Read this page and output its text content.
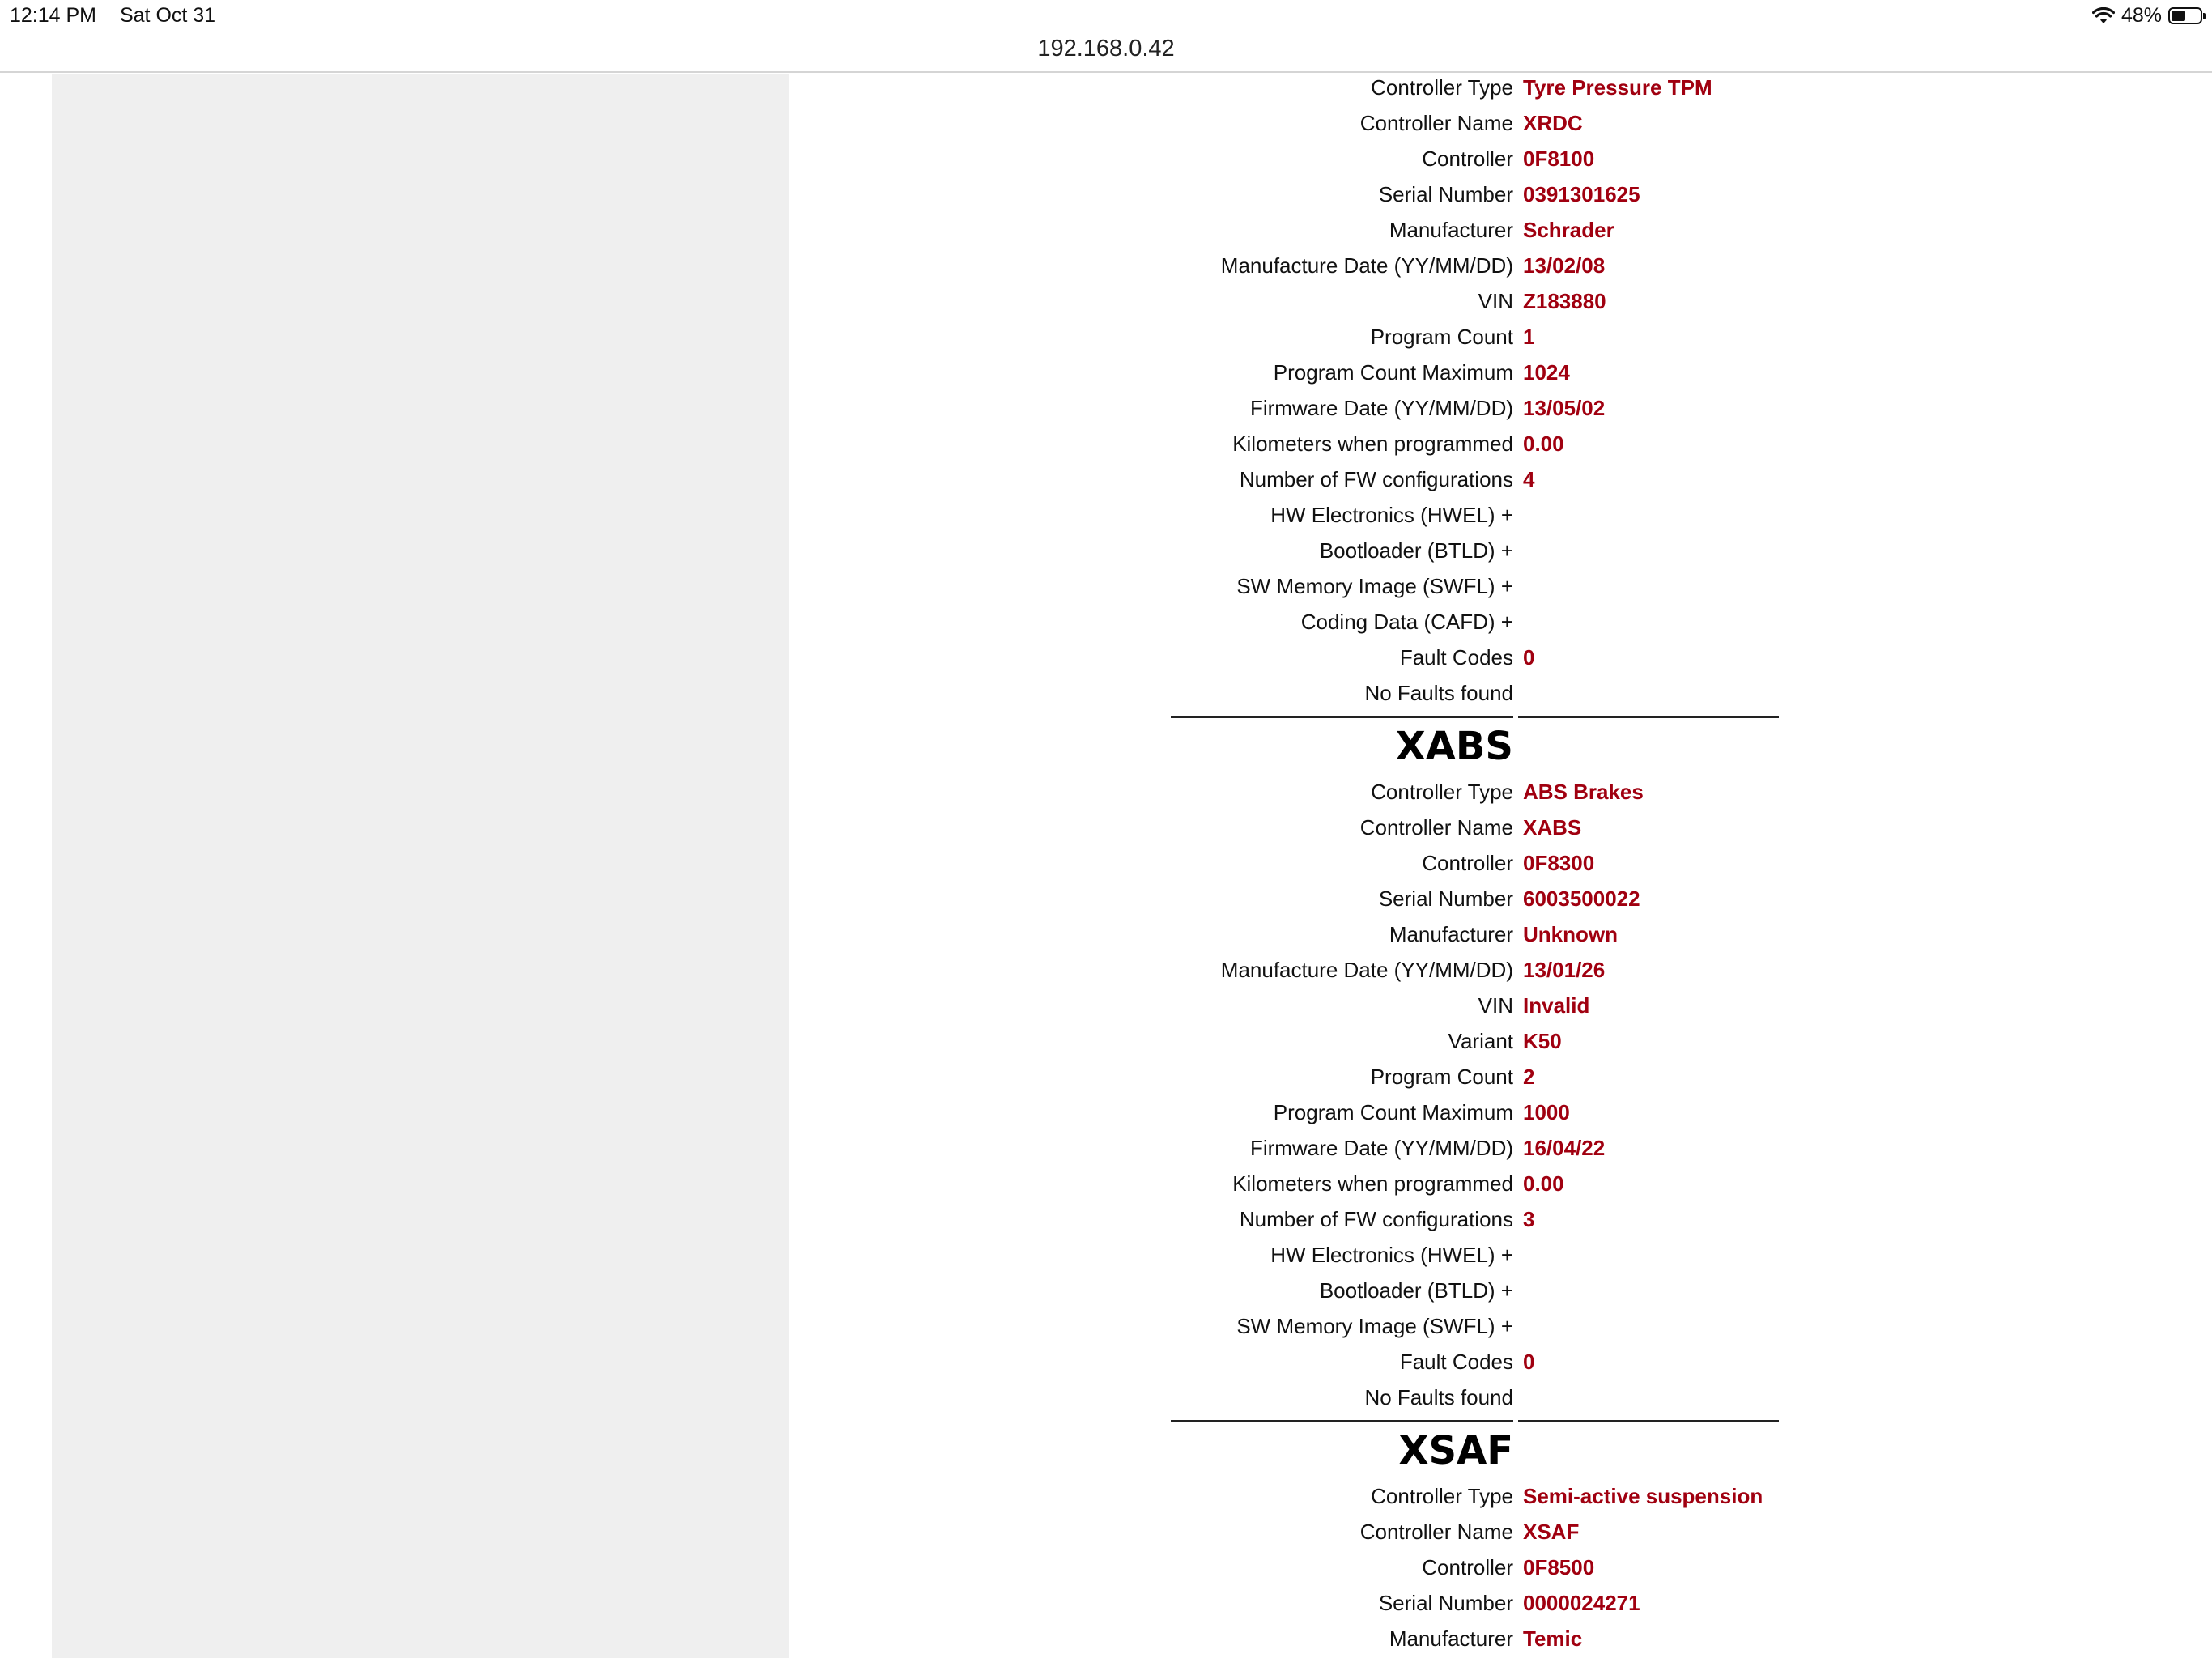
12:14 PM Sat Oct 31	48%
192.168.0.42
Controller Type Tyre Pressure TPM
Controller Name XRDC
Controller 0F8100
Serial Number 0391301625
Manufacturer Schrader
Manufacture Date (YY/MM/DD) 13/02/08
VIN Z183880
Program Count 1
Program Count Maximum 1024
Firmware Date (YY/MM/DD) 13/05/02
Kilometers when programmed 0.00
Number of FW configurations 4
HW Electronics (HWEL) +
Bootloader (BTLD) +
SW Memory Image (SWFL) +
Coding Data (CAFD) +
Fault Codes 0
No Faults found
XABS
Controller Type ABS Brakes
Controller Name XABS
Controller 0F8300
Serial Number 6003500022
Manufacturer Unknown
Manufacture Date (YY/MM/DD) 13/01/26
VIN Invalid
Variant K50
Program Count 2
Program Count Maximum 1000
Firmware Date (YY/MM/DD) 16/04/22
Kilometers when programmed 0.00
Number of FW configurations 3
HW Electronics (HWEL) +
Bootloader (BTLD) +
SW Memory Image (SWFL) +
Fault Codes 0
No Faults found
XSAF
Controller Type Semi-active suspension
Controller Name XSAF
Controller 0F8500
Serial Number 0000024271
Manufacturer Temic
